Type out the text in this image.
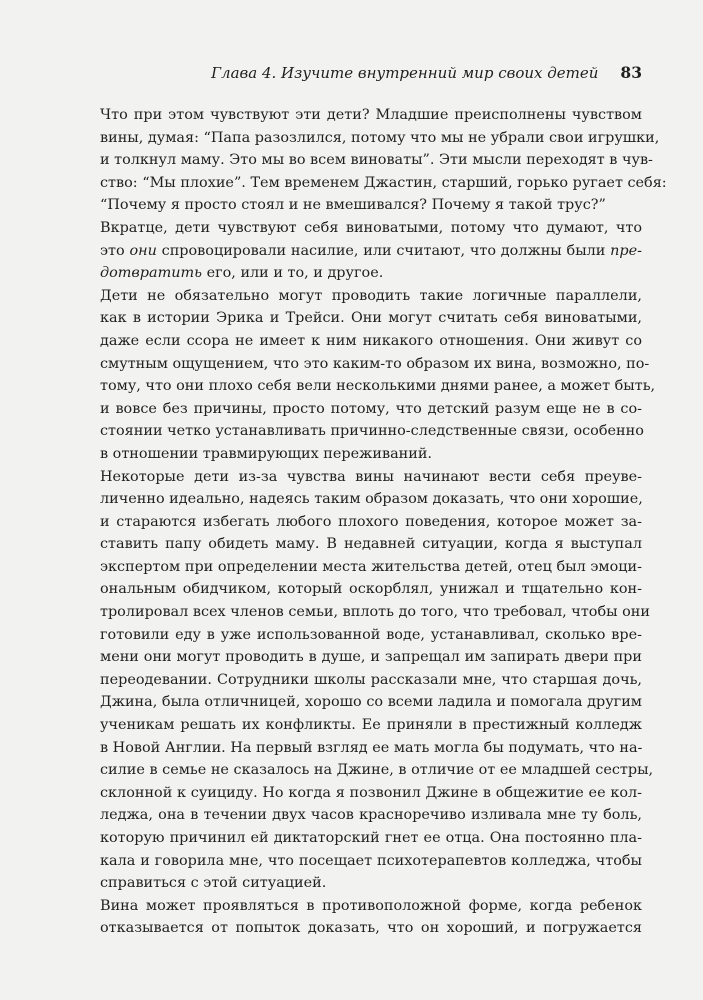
Глава 4. Изучите внутренний мир своих детей 83

Что при этом чувствуют эти дети? Младшие преисполнены чувством
вины, думая: “Папа разозлился, потому что мы не убрали свои игрушки,
и толкнул маму. Это мы во всем виноваты”. Эти мысли переходят в чув-
ство: “Мы плохие”. Тем временем Джастин, старший, горько ругает себя:
“Почему я просто стоял и не вмешивался? Почему я такой трус?”

Вкратце, дети чувствуют себя виноватыми, потому что думают, что
это они спровоцировали насилие, или считают, что должны были пре-
дотвратить его, или и то, и другое.

Дети не обязательно могут проводить такие логичные параллели,
как в истории Эрика и Трейси. Они могут считать себя виноватыми,
даже если ссора не имеет к ним никакого отношения. Они живут со
смутным ощущением, что это каким-то образом их вина, возможно, по-
тому, что они плохо себя вели несколькими днями ранее, а может быть,
и вовсе без причины, просто потому, что детский разум еще не в со-
стоянии четко устанавливать причинно-следственные связи, особенно
в отношении травмирующих переживаний.

Некоторые дети из-за чувства вины начинают вести себя преуве-
личенно идеально, надеясь таким образом доказать, что они хорошие,
и стараются избегать любого плохого поведения, которое может за-
ставить папу обидеть маму. В недавней ситуации, когда я выступал
экспертом при определении места жительства детей, отец был эмоци-
ональным обидчиком, который оскорблял, унижал и тщательно кон-
тролировал всех членов семьи, вплоть до того, что требовал, чтобы они
готовили еду в уже использованной воде, устанавливал, сколько вре-
мени они могут проводить в душе, и запрещал им запирать двери при
переодевании. Сотрудники школы рассказали мне, что старшая дочь,
Джина, была отличницей, хорошо со всеми ладила и помогала другим
ученикам решать их конфликты. Ее приняли в престижный колледж
в Новой Англии. На первый взгляд ее мать могла бы подумать, что на-
силие в семье не сказалось на Джине, в отличие от ее младшей сестры,
склонной к суициду. Но когда я позвонил Джине в общежитие ее кол-
леджа, она в течении двух часов красноречиво изливала мне ту боль,
которую причинил ей диктаторский гнет ее отца. Она постоянно пла-
кала и говорила мне, что посещает психотерапевтов колледжа, чтобы
справиться с этой ситуацией.

Вина может проявляться в противоположной форме, когда ребенок
отказывается от попыток доказать, что он хороший, и погружается
